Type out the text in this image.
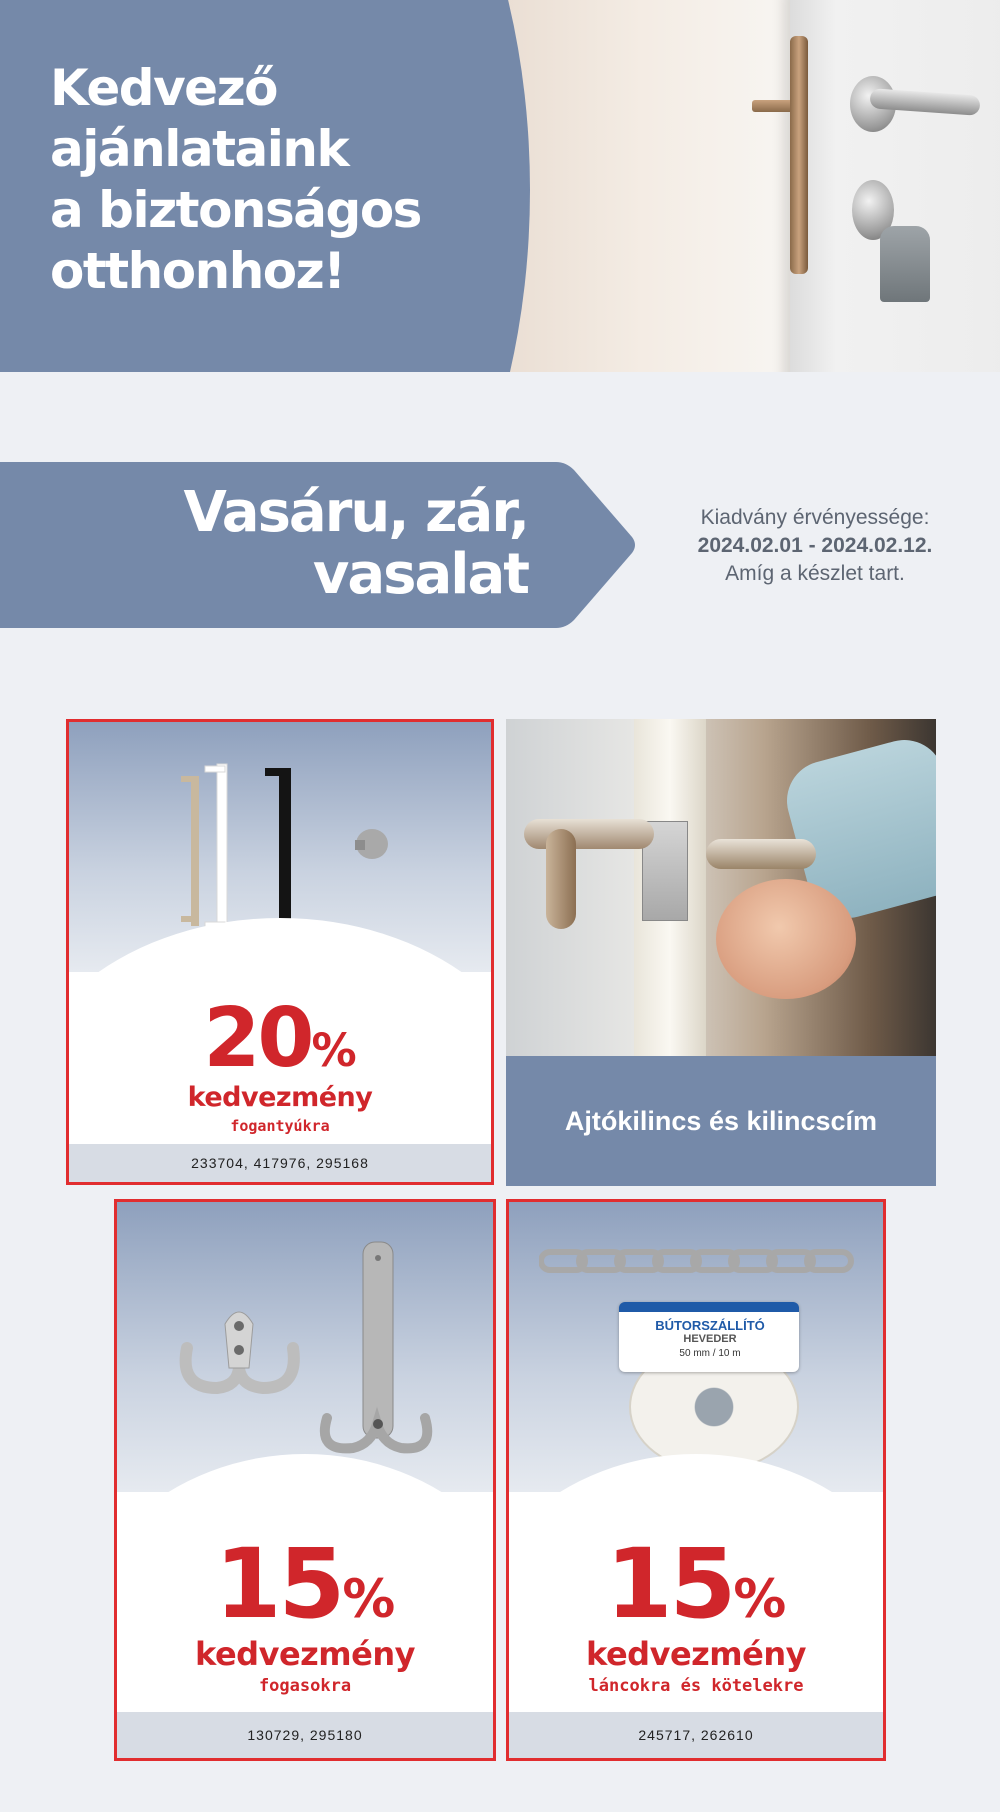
Kedvező
ajánlataink
a biztonságos
otthonhoz!
Vasáru, zár,
vasalat
Kiadvány érvényessége:
2024.02.01 - 2024.02.12.
Amíg a készlet tart.
20%
kedvezmény
fogantyúkra
233704, 417976, 295168
Ajtókilincs és kilincscím
15%
kedvezmény
fogasokra
130729, 295180
BÚTORSZÁLLÍTÓ
HEVEDER
50 mm / 10 m
15%
kedvezmény
láncokra és kötelekre
245717, 262610
